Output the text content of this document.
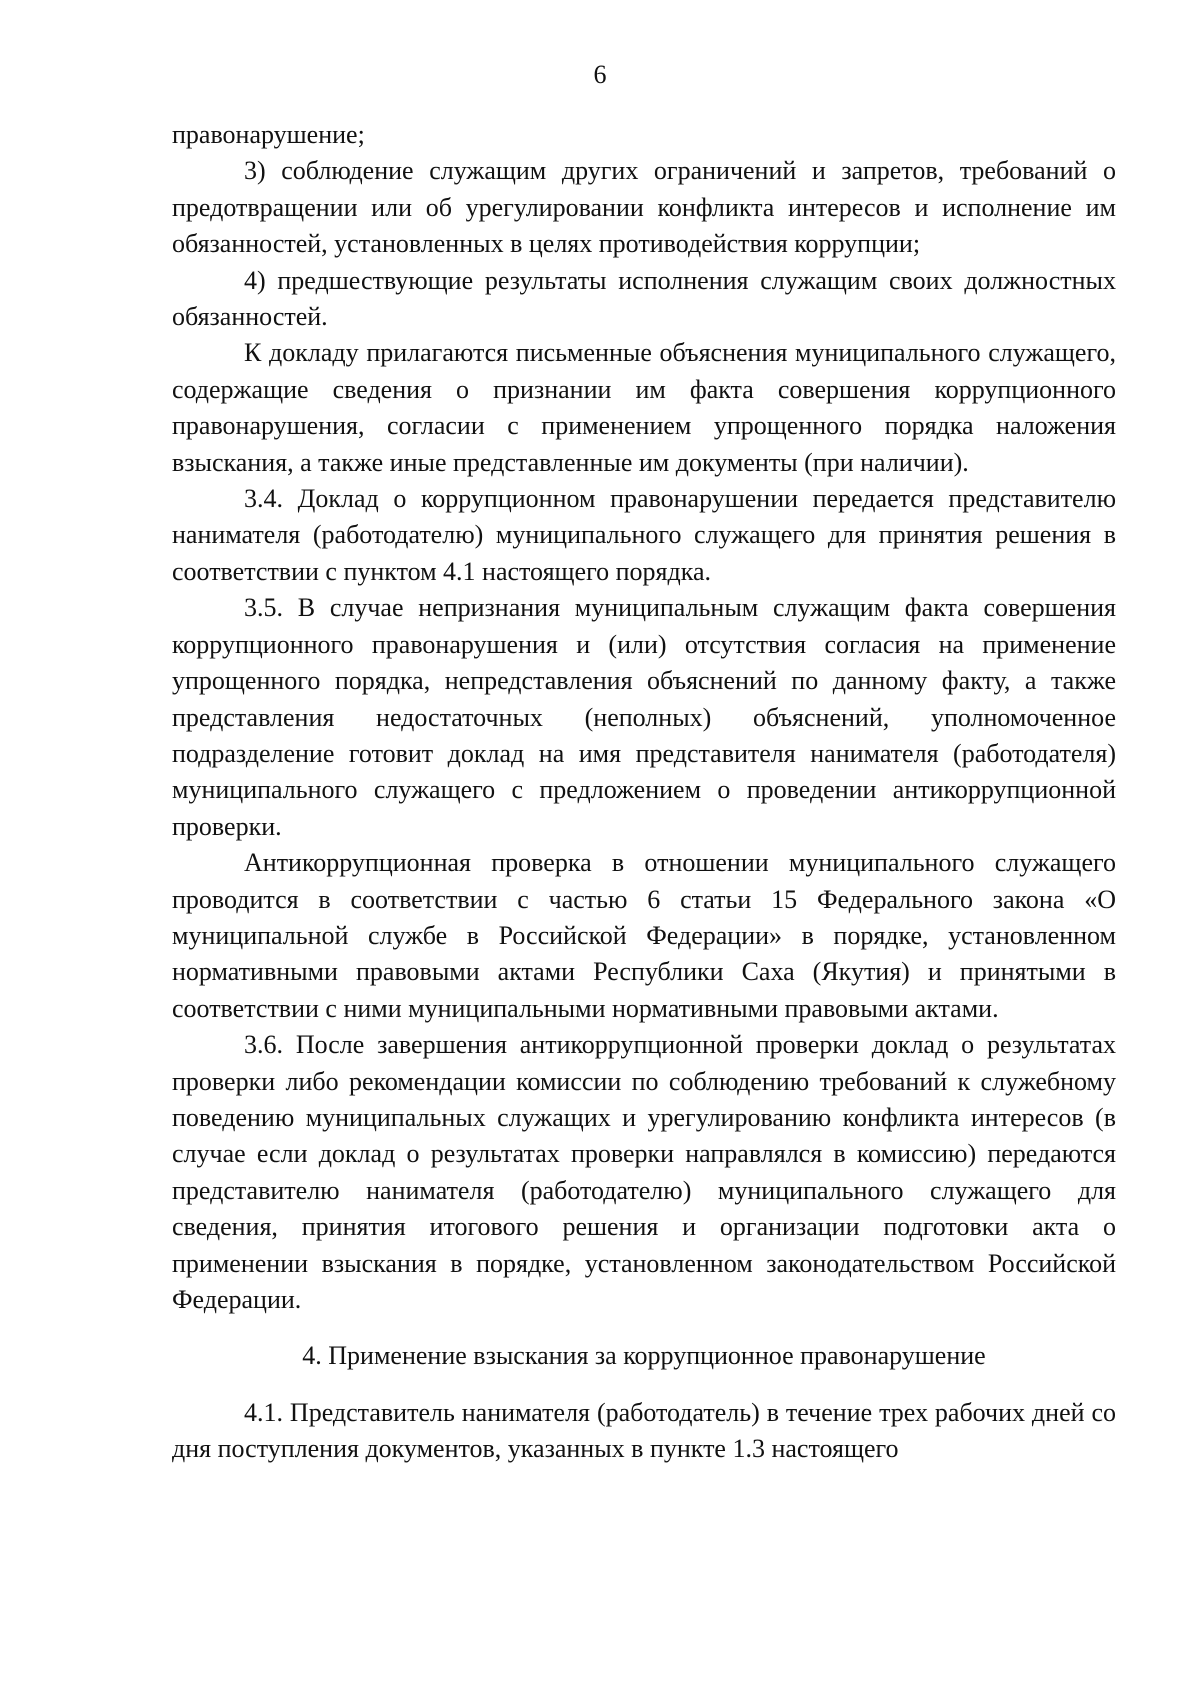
6

правонарушение;

3) соблюдение служащим других ограничений и запретов, требований о предотвращении или об урегулировании конфликта интересов и исполнение им обязанностей, установленных в целях противодействия коррупции;

4) предшествующие результаты исполнения служащим своих должностных обязанностей.

К докладу прилагаются письменные объяснения муниципального служащего, содержащие сведения о признании им факта совершения коррупционного правонарушения, согласии с применением упрощенного порядка наложения взыскания, а также иные представленные им документы (при наличии).

3.4. Доклад о коррупционном правонарушении передается представителю нанимателя (работодателю) муниципального служащего для принятия решения в соответствии с пунктом 4.1 настоящего порядка.

3.5. В случае непризнания муниципальным служащим факта совершения коррупционного правонарушения и (или) отсутствия согласия на применение упрощенного порядка, непредставления объяснений по данному факту, а также представления недостаточных (неполных) объяснений, уполномоченное подразделение готовит доклад на имя представителя нанимателя (работодателя) муниципального служащего с предложением о проведении антикоррупционной проверки.

Антикоррупционная проверка в отношении муниципального служащего проводится в соответствии с частью 6 статьи 15 Федерального закона «О муниципальной службе в Российской Федерации» в порядке, установленном нормативными правовыми актами Республики Саха (Якутия) и принятыми в соответствии с ними муниципальными нормативными правовыми актами.

3.6. После завершения антикоррупционной проверки доклад о результатах проверки либо рекомендации комиссии по соблюдению требований к служебному поведению муниципальных служащих и урегулированию конфликта интересов (в случае если доклад о результатах проверки направлялся в комиссию) передаются представителю нанимателя (работодателю) муниципального служащего для сведения, принятия итогового решения и организации подготовки акта о применении взыскания в порядке, установленном законодательством Российской Федерации.

4. Применение взыскания за коррупционное правонарушение

4.1. Представитель нанимателя (работодатель) в течение трех рабочих дней со дня поступления документов, указанных в пункте 1.3 настоящего
